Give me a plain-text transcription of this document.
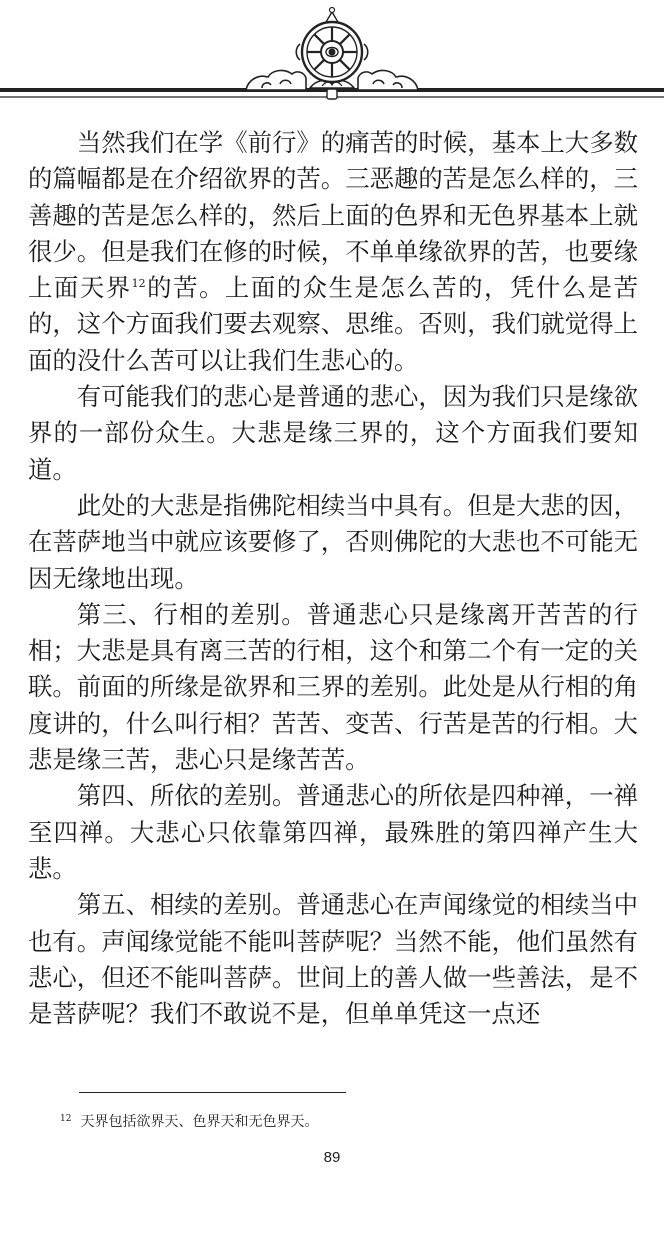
当然我们在学《前行》的痛苦的时候，基本上大多数的篇幅都是在介绍欲界的苦。三恶趣的苦是怎么样的，三善趣的苦是怎么样的，然后上面的色界和无色界基本上就很少。但是我们在修的时候，不单单缘欲界的苦，也要缘上面天界$^{12}$的苦。上面的众生是怎么苦的，凭什么是苦的，这个方面我们要去观察、思维。否则，我们就觉得上面的没什么苦可以让我们生悲心的。

有可能我们的悲心是普通的悲心，因为我们只是缘欲界的一部份众生。大悲是缘三界的，这个方面我们要知道。

此处的大悲是指佛陀相续当中具有。但是大悲的因，在菩萨地当中就应该要修了，否则佛陀的大悲也不可能无因无缘地出现。

第三、行相的差别。普通悲心只是缘离开苦苦的行相；大悲是具有离三苦的行相，这个和第二个有一定的关联。前面的所缘是欲界和三界的差别。此处是从行相的角度讲的，什么叫行相？苦苦、变苦、行苦是苦的行相。大悲是缘三苦，悲心只是缘苦苦。

第四、所依的差别。普通悲心的所依是四种禅，一禅至四禅。大悲心只依靠第四禅，最殊胜的第四禅产生大悲。

第五、相续的差别。普通悲心在声闻缘觉的相续当中也有。声闻缘觉能不能叫菩萨呢？当然不能，他们虽然有悲心，但还不能叫菩萨。世间上的善人做一些善法，是不是菩萨呢？我们不敢说不是，但单单凭这一点还

$^{12}$ 天界包括欲界天、色界天和无色界天。
89
